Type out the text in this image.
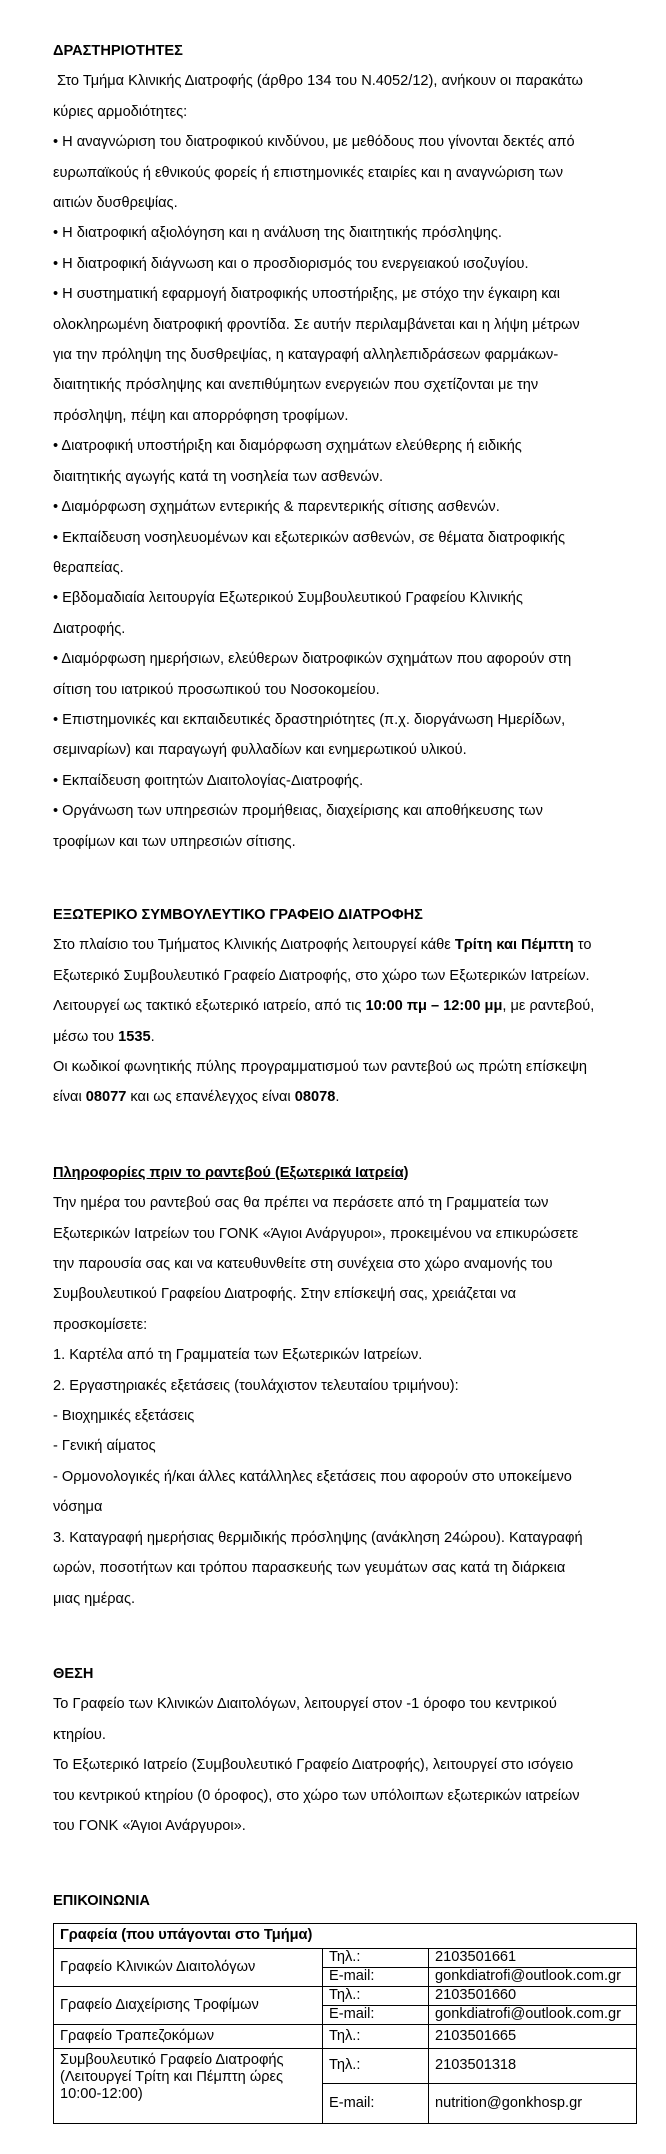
ΔΡΑΣΤΗΡΙΟΤΗΤΕΣ

Στο Τμήμα Κλινικής Διατροφής (άρθρο 134 του Ν.4052/12), ανήκουν οι παρακάτω

κύριες αρμοδιότητες:

• Η αναγνώριση του διατροφικού κινδύνου, με μεθόδους που γίνονται δεκτές από

ευρωπαϊκούς ή εθνικούς φορείς ή επιστημονικές εταιρίες και η αναγνώριση των

αιτιών δυσθρεψίας.

• Η διατροφική αξιολόγηση και η ανάλυση της διαιτητικής πρόσληψης.

• Η διατροφική διάγνωση και ο προσδιορισμός του ενεργειακού ισοζυγίου.

• Η συστηματική εφαρμογή διατροφικής υποστήριξης, με στόχο την έγκαιρη και

ολοκληρωμένη διατροφική φροντίδα. Σε αυτήν περιλαμβάνεται και η λήψη μέτρων

για την πρόληψη της δυσθρεψίας, η καταγραφή αλληλεπιδράσεων φαρμάκων-

διαιτητικής πρόσληψης και ανεπιθύμητων ενεργειών που σχετίζονται με την

πρόσληψη, πέψη και απορρόφηση τροφίμων.

• Διατροφική υποστήριξη και διαμόρφωση σχημάτων ελεύθερης ή ειδικής

διαιτητικής αγωγής κατά τη νοσηλεία των ασθενών.

• Διαμόρφωση σχημάτων εντερικής & παρεντερικής σίτισης ασθενών.

• Εκπαίδευση νοσηλευομένων και εξωτερικών ασθενών, σε θέματα διατροφικής

θεραπείας.

• Εβδομαδιαία λειτουργία Εξωτερικού Συμβουλευτικού Γραφείου Κλινικής

Διατροφής.

• Διαμόρφωση ημερήσιων, ελεύθερων διατροφικών σχημάτων που αφορούν στη

σίτιση του ιατρικού προσωπικού του Νοσοκομείου.

• Επιστημονικές και εκπαιδευτικές δραστηριότητες (π.χ. διοργάνωση Ημερίδων,

σεμιναρίων) και παραγωγή φυλλαδίων και ενημερωτικού υλικού.

• Εκπαίδευση φοιτητών Διαιτολογίας-Διατροφής.

• Οργάνωση των υπηρεσιών προμήθειας, διαχείρισης και αποθήκευσης των

τροφίμων και των υπηρεσιών σίτισης.

ΕΞΩΤΕΡΙΚΟ ΣΥΜΒΟΥΛΕΥΤΙΚΟ ΓΡΑΦΕΙΟ ΔΙΑΤΡΟΦΗΣ

Στο πλαίσιο του Τμήματος Κλινικής Διατροφής λειτουργεί κάθε Τρίτη και Πέμπτη το

Εξωτερικό Συμβουλευτικό Γραφείο Διατροφής, στο χώρο των Εξωτερικών Ιατρείων.

Λειτουργεί ως τακτικό εξωτερικό ιατρείο, από τις 10:00 πμ – 12:00 μμ, με ραντεβού,

μέσω του 1535.

Οι κωδικοί φωνητικής πύλης προγραμματισμού των ραντεβού ως πρώτη επίσκεψη

είναι 08077 και ως επανέλεγχος είναι 08078.

Πληροφορίες πριν το ραντεβού (Εξωτερικά Ιατρεία)

Την ημέρα του ραντεβού σας θα πρέπει να περάσετε από τη Γραμματεία των

Εξωτερικών Ιατρείων του ΓΟΝΚ «Άγιοι Ανάργυροι», προκειμένου να επικυρώσετε

την παρουσία σας και να κατευθυνθείτε στη συνέχεια στο χώρο αναμονής του

Συμβουλευτικού Γραφείου Διατροφής. Στην επίσκεψή σας, χρειάζεται να

προσκομίσετε:

1. Καρτέλα από τη Γραμματεία των Εξωτερικών Ιατρείων.

2. Εργαστηριακές εξετάσεις (τουλάχιστον τελευταίου τριμήνου):

- Βιοχημικές εξετάσεις

- Γενική αίματος

- Ορμονολογικές ή/και άλλες κατάλληλες εξετάσεις που αφορούν στο υποκείμενο

νόσημα

3. Καταγραφή ημερήσιας θερμιδικής πρόσληψης (ανάκληση 24ώρου). Καταγραφή

ωρών, ποσοτήτων και τρόπου παρασκευής των γευμάτων σας κατά τη διάρκεια

μιας ημέρας.

ΘΕΣΗ

Το Γραφείο των Κλινικών Διαιτολόγων, λειτουργεί στον -1 όροφο του κεντρικού

κτηρίου.

Το Εξωτερικό Ιατρείο (Συμβουλευτικό Γραφείο Διατροφής), λειτουργεί στο ισόγειο

του κεντρικού κτηρίου (0 όροφος), στο χώρο των υπόλοιπων εξωτερικών ιατρείων

του ΓΟΝΚ «Άγιοι Ανάργυροι».

ΕΠΙΚΟΙΝΩΝΙΑ

Γραφεία (που υπάγονται στο Τμήμα)		
Γραφείο Κλινικών Διαιτολόγων	Τηλ.:	2103501661
	E-mail:	gonkdiatrofi@outlook.com.gr
Γραφείο Διαχείρισης Τροφίμων	Τηλ.:	2103501660
	E-mail:	gonkdiatrofi@outlook.com.gr
Γραφείο Τραπεζοκόμων	Τηλ.:	2103501665

Συμβουλευτικό Γραφείο Διατροφής
(Λειτουργεί Τρίτη και Πέμπτη ώρες
10:00-12:00)	Τηλ.:	2103501318
	E-mail:	nutrition@gonkhosp.gr
